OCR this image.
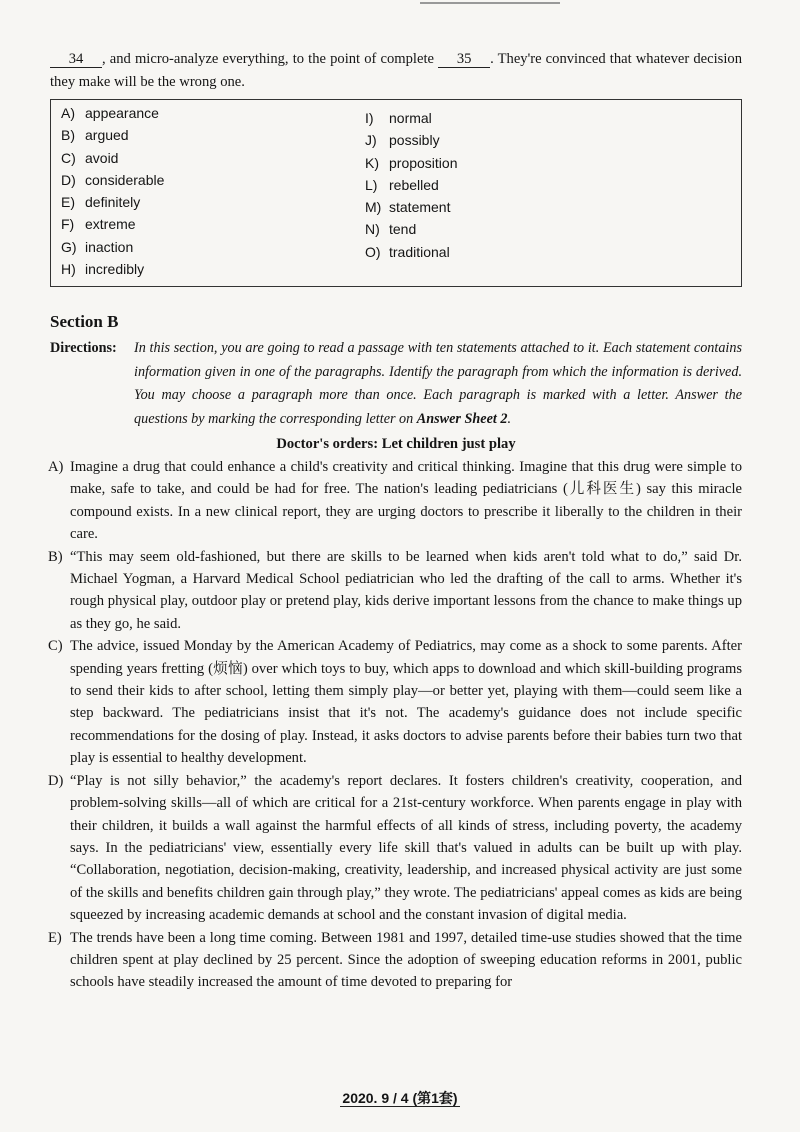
34 , and micro-analyze everything, to the point of complete 35 . They're convinced that whatever decision they make will be the wrong one.

A) appearance
B) argued
C) avoid
D) considerable
E) definitely
F) extreme
G) inaction
H) incredibly
I) normal
J) possibly
K) proposition
L) rebelled
M) statement
N) tend
O) traditional
Section B
Directions:	In this section, you are going to read a passage with ten statements attached to it. Each statement contains information given in one of the paragraphs. Identify the paragraph from which the information is derived. You may choose a paragraph more than once. Each paragraph is marked with a letter. Answer the questions by marking the corresponding letter on Answer Sheet 2.
Doctor's orders: Let children just play
A) Imagine a drug that could enhance a child's creativity and critical thinking. Imagine that this drug were simple to make, safe to take, and could be had for free. The nation's leading pediatricians (儿科医生) say this miracle compound exists. In a new clinical report, they are urging doctors to prescribe it liberally to the children in their care.
B) “This may seem old-fashioned, but there are skills to be learned when kids aren't told what to do,” said Dr. Michael Yogman, a Harvard Medical School pediatrician who led the drafting of the call to arms. Whether it's rough physical play, outdoor play or pretend play, kids derive important lessons from the chance to make things up as they go, he said.
C) The advice, issued Monday by the American Academy of Pediatrics, may come as a shock to some parents. After spending years fretting (烦恼) over which toys to buy, which apps to download and which skill-building programs to send their kids to after school, letting them simply play—or better yet, playing with them—could seem like a step backward. The pediatricians insist that it's not. The academy's guidance does not include specific recommendations for the dosing of play. Instead, it asks doctors to advise parents before their babies turn two that play is essential to healthy development.
D) “Play is not silly behavior,” the academy's report declares. It fosters children's creativity, cooperation, and problem-solving skills—all of which are critical for a 21st-century workforce. When parents engage in play with their children, it builds a wall against the harmful effects of all kinds of stress, including poverty, the academy says. In the pediatricians' view, essentially every life skill that's valued in adults can be built up with play. “Collaboration, negotiation, decision-making, creativity, leadership, and increased physical activity are just some of the skills and benefits children gain through play,” they wrote. The pediatricians' appeal comes as kids are being squeezed by increasing academic demands at school and the constant invasion of digital media.
E) The trends have been a long time coming. Between 1981 and 1997, detailed time-use studies showed that the time children spent at play declined by 25 percent. Since the adoption of sweeping education reforms in 2001, public schools have steadily increased the amount of time devoted to preparing for
2020. 9 / 4 (第1套)
